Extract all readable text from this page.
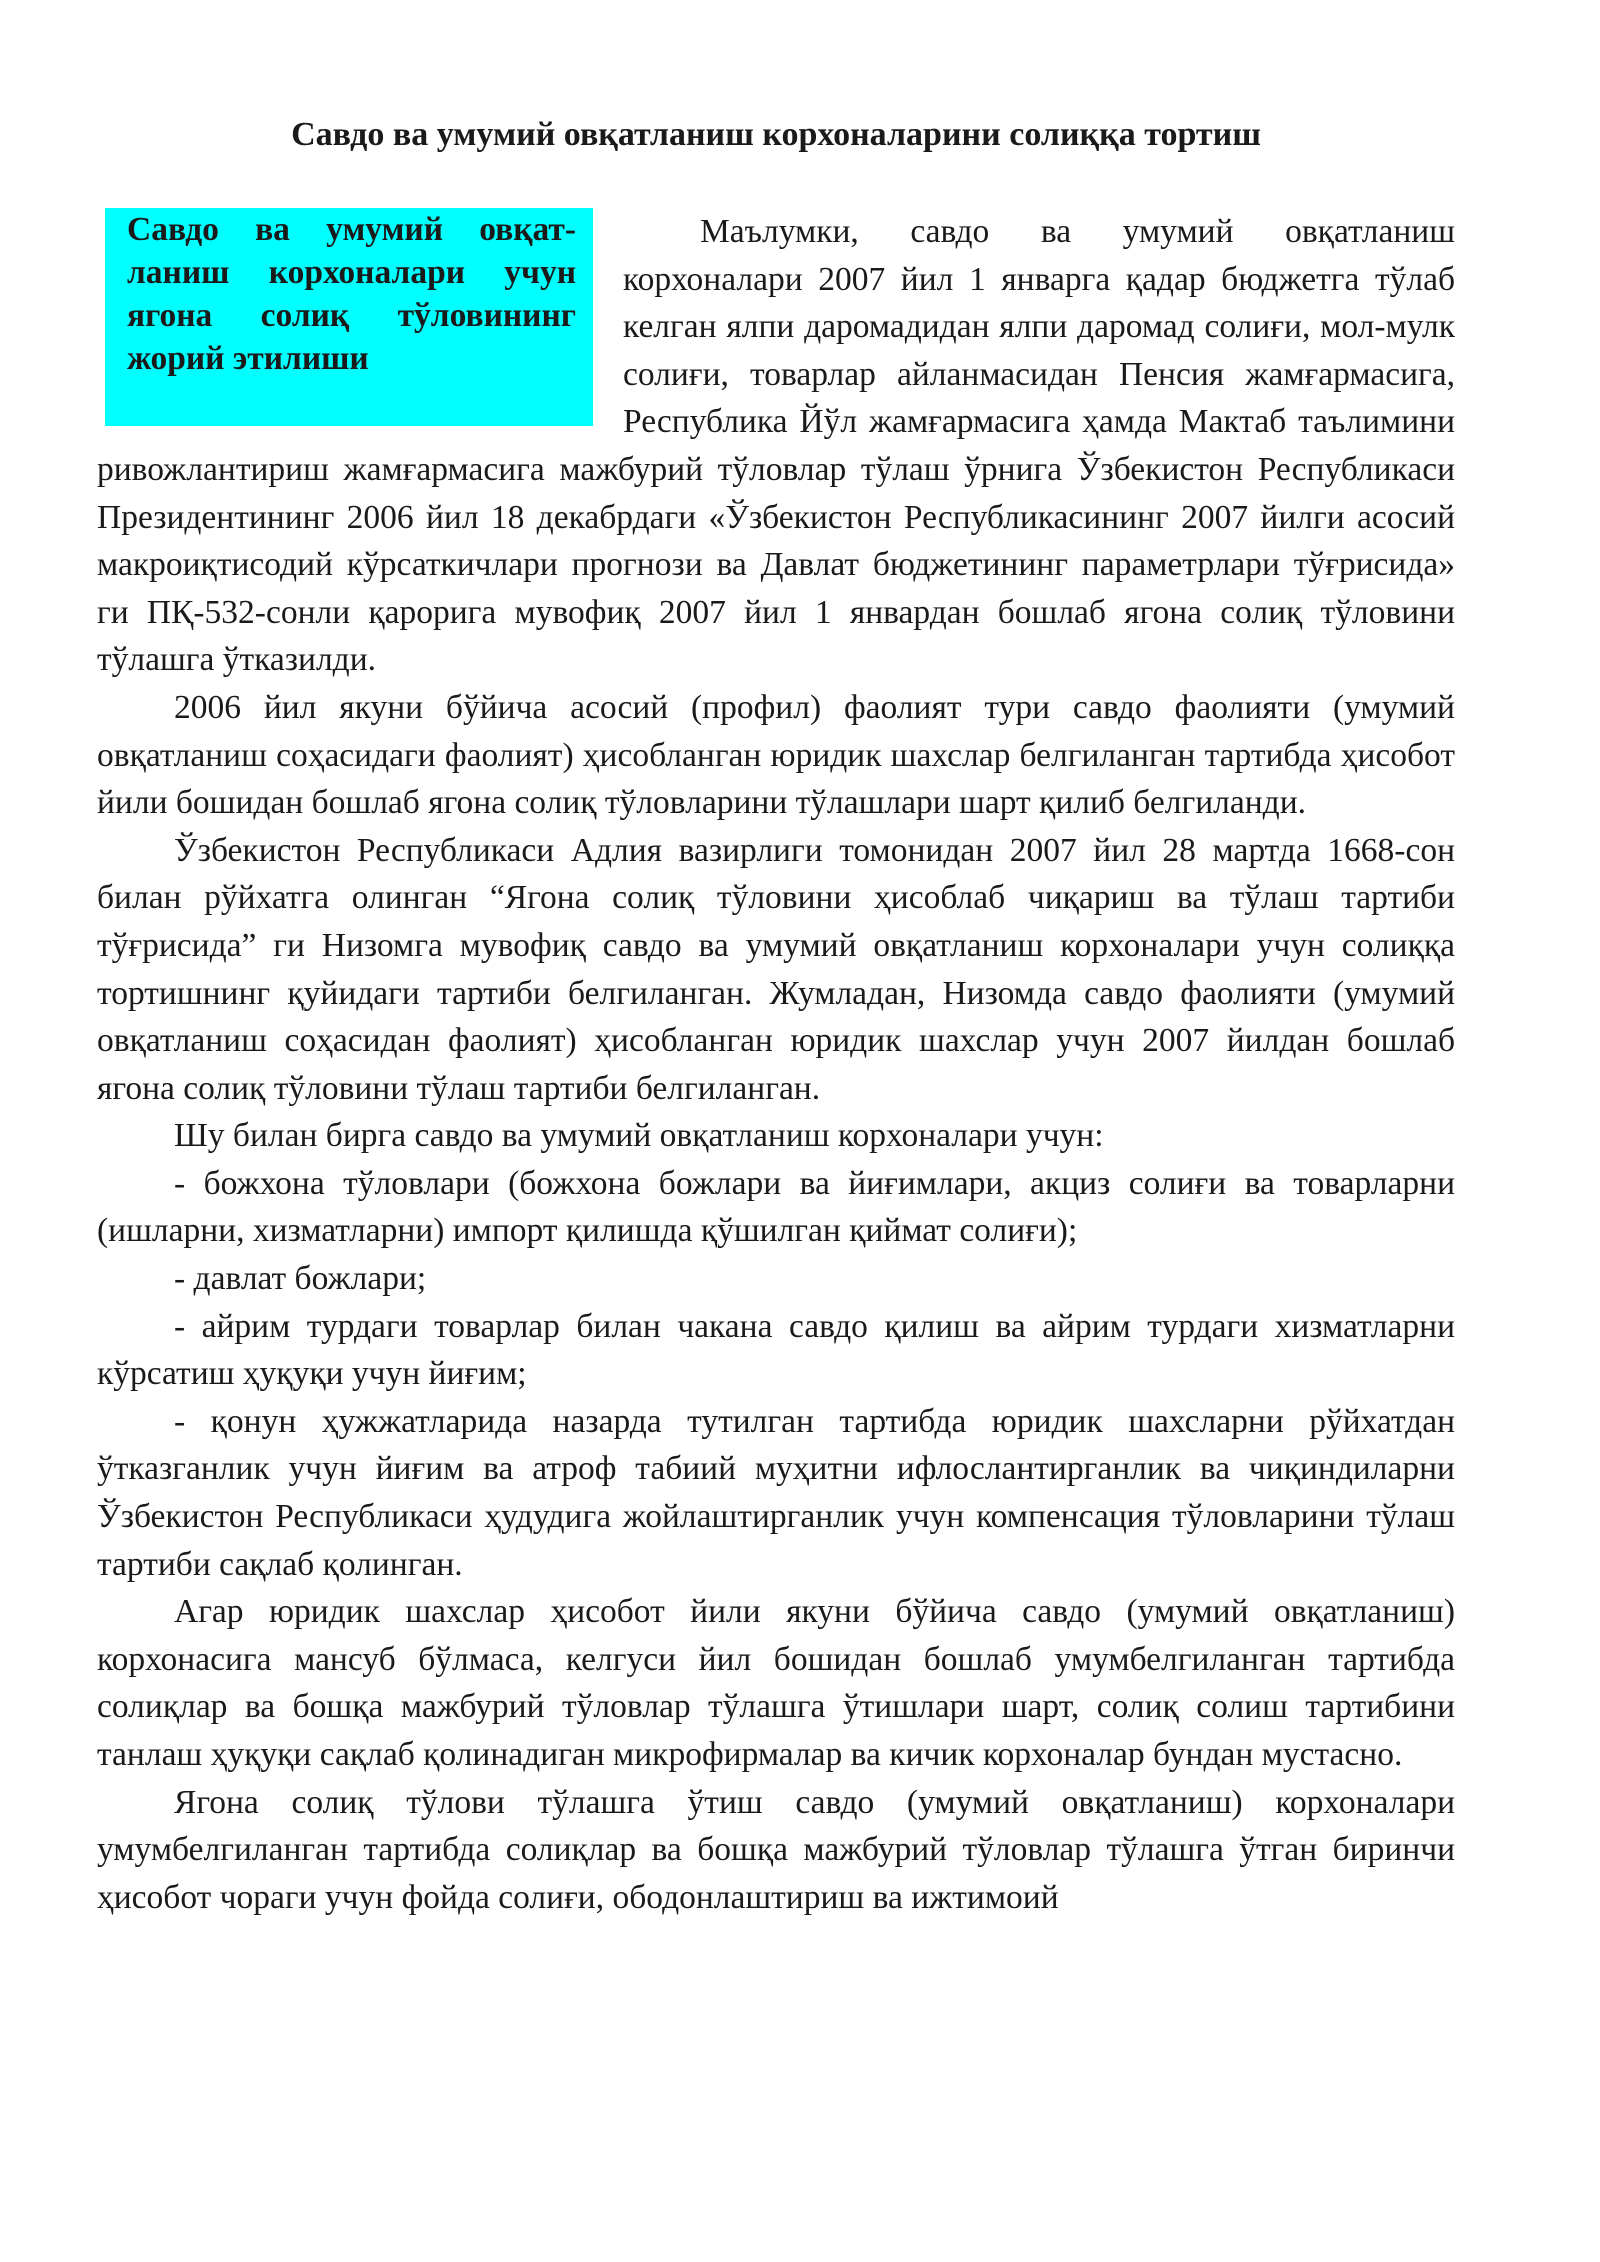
Савдо ва умумий овқатланиш корхоналарини солиққа тортиш
Савдо ва умумий овқат-ланиш корхоналари учун ягона солиқ тўловининг жорий этилиши

Маълумки, савдо ва умумий овқатланиш корхоналари 2007 йил 1 январга қадар бюджетга тўлаб келган ялпи даромадидан ялпи даромад солиғи, мол-мулк солиғи, товарлар айланмасидан Пенсия жамғармасига, Республика Йўл жамғармасига ҳамда Мактаб таълимини ривожлантириш жамғармасига мажбурий тўловлар тўлаш ўрнига Ўзбекистон Республикаси Президентининг 2006 йил 18 декабрдаги «Ўзбекистон Республикасининг 2007 йилги асосий макроиқтисодий кўрсаткичлари прогнози ва Давлат бюджетининг параметрлари тўғрисида» ги ПҚ-532-сонли қарорига мувофиқ 2007 йил 1 январдан бошлаб ягона солиқ тўловини тўлашга ўтказилди.

2006 йил якуни бўйича асосий (профил) фаолият тури савдо фаолияти (умумий овқатланиш соҳасидаги фаолият) ҳисобланган юридик шахслар белгиланган тартибда ҳисобот йили бошидан бошлаб ягона солиқ тўловларини тўлашлари шарт қилиб белгиланди.

Ўзбекистон Республикаси Адлия вазирлиги томонидан 2007 йил 28 мартда 1668-сон билан рўйхатга олинган “Ягона солиқ тўловини ҳисоблаб чиқариш ва тўлаш тартиби тўғрисида” ги Низомга мувофиқ савдо ва умумий овқатланиш корхоналари учун солиққа тортишнинг қуйидаги тартиби белгиланган. Жумладан, Низомда савдо фаолияти (умумий овқатланиш соҳасидан фаолият) ҳисобланган юридик шахслар учун 2007 йилдан бошлаб ягона солиқ тўловини тўлаш тартиби белгиланган.

Шу билан бирга савдо ва умумий овқатланиш корхоналари учун:

- божхона тўловлари (божхона божлари ва йиғимлари, акциз солиғи ва товарларни (ишларни, хизматларни) импорт қилишда қўшилган қиймат солиғи);

- давлат божлари;

- айрим турдаги товарлар билан чакана савдо қилиш ва айрим турдаги хизматларни кўрсатиш ҳуқуқи учун йиғим;

- қонун ҳужжатларида назарда тутилган тартибда юридик шахсларни рўйхатдан ўтказганлик учун йиғим ва атроф табиий муҳитни ифлослантирганлик ва чиқиндиларни Ўзбекистон Республикаси ҳудудига жойлаштирганлик учун компенсация тўловларини тўлаш тартиби сақлаб қолинган.

Агар юридик шахслар ҳисобот йили якуни бўйича савдо (умумий овқатланиш) корхонасига мансуб бўлмаса, келгуси йил бошидан бошлаб умумбелгиланган тартибда солиқлар ва бошқа мажбурий тўловлар тўлашга ўтишлари шарт, солиқ солиш тартибини танлаш ҳуқуқи сақлаб қолинадиган микрофирмалар ва кичик корхоналар бундан мустасно.

Ягона солиқ тўлови тўлашга ўтиш савдо (умумий овқатланиш) корхоналари умумбелгиланган тартибда солиқлар ва бошқа мажбурий тўловлар тўлашга ўтган биринчи ҳисобот чораги учун фойда солиғи, ободонлаштириш ва ижтимоий
